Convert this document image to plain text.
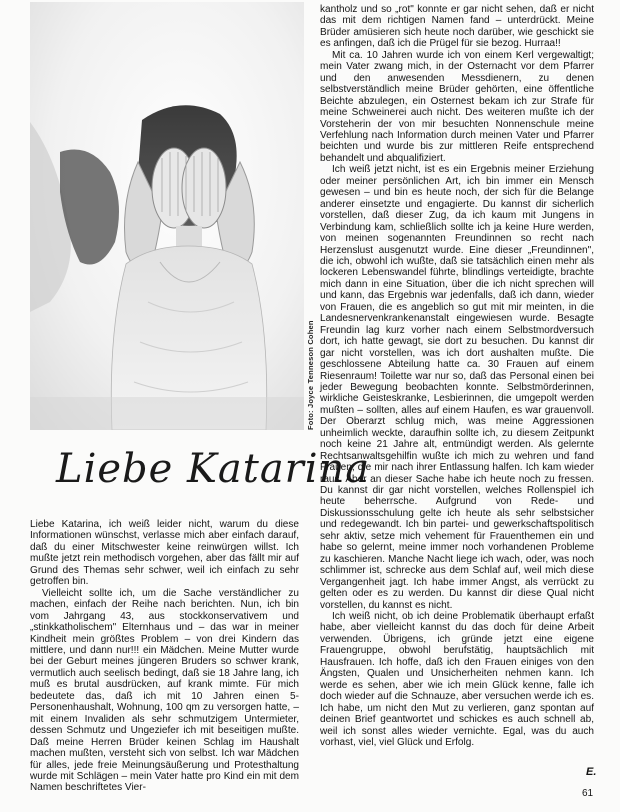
Foto: Joyce Tenneson Cohen
Liebe Katarina

Liebe Katarina, ich weiß leider nicht, warum du diese Informationen wünschst, verlasse mich aber einfach darauf, daß du einer Mitschwester keine reinwürgen willst. Ich mußte jetzt rein methodisch vorgehen, aber das fällt mir auf Grund des Themas sehr schwer, weil ich einfach zu sehr getroffen bin.

Vielleicht sollte ich, um die Sache verständlicher zu machen, einfach der Reihe nach berichten. Nun, ich bin vom Jahrgang 43, aus stockkonservativem und „stinkkatholischem" Elternhaus und – das war in meiner Kindheit mein größtes Problem – von drei Kindern das mittlere, und dann nur!!! ein Mädchen. Meine Mutter wurde bei der Geburt meines jüngeren Bruders so schwer krank, vermutlich auch seelisch bedingt, daß sie 18 Jahre lang, ich muß es brutal ausdrücken, auf krank mimte. Für mich bedeutete das, daß ich mit 10 Jahren einen 5-Personenhaushalt, Wohnung, 100 qm zu versorgen hatte, – mit einem Invaliden als sehr schmutzigem Untermieter, dessen Schmutz und Ungeziefer ich mit beseitigen mußte. Daß meine Herren Brüder keinen Schlag im Haushalt machen mußten, versteht sich von selbst. Ich war Mädchen für alles, jede freie Meinungsäußerung und Protesthaltung wurde mit Schlägen – mein Vater hatte pro Kind ein mit dem Namen beschriftetes Vier-

kantholz und so „rot" konnte er gar nicht sehen, daß er nicht das mit dem richtigen Namen fand – unterdrückt. Meine Brüder amüsieren sich heute noch darüber, wie geschickt sie es anfingen, daß ich die Prügel für sie bezog. Hurraa!!

Mit ca. 10 Jahren wurde ich von einem Kerl vergewaltigt; mein Vater zwang mich, in der Osternacht vor dem Pfarrer und den anwesenden Messdienern, zu denen selbstverständlich meine Brüder gehörten, eine öffentliche Beichte abzulegen, ein Osternest bekam ich zur Strafe für meine Schweinerei auch nicht. Des weiteren mußte ich der Vorsteherin der von mir besuchten Nonnenschule meine Verfehlung nach Information durch meinen Vater und Pfarrer beichten und wurde bis zur mittleren Reife entsprechend behandelt und abqualifiziert.

Ich weiß jetzt nicht, ist es ein Ergebnis meiner Erziehung oder meiner persönlichen Art, ich bin immer ein Mensch gewesen – und bin es heute noch, der sich für die Belange anderer einsetzte und engagierte. Du kannst dir sicherlich vorstellen, daß dieser Zug, da ich kaum mit Jungens in Verbindung kam, schließlich sollte ich ja keine Hure werden, von meinen sogenannten Freundinnen so recht nach Herzenslust ausgenutzt wurde. Eine dieser „Freundinnen", die ich, obwohl ich wußte, daß sie tatsächlich einen mehr als lockeren Lebenswandel führte, blindlings verteidigte, brachte mich dann in eine Situation, über die ich nicht sprechen will und kann, das Ergebnis war jedenfalls, daß ich dann, wieder von Frauen, die es angeblich so gut mit mir meinten, in die Landesnervenkrankenanstalt eingewiesen wurde. Besagte Freundin lag kurz vorher nach einem Selbstmordversuch dort, ich hatte gewagt, sie dort zu besuchen. Du kannst dir gar nicht vorstellen, was ich dort aushalten mußte. Die geschlossene Abteilung hatte ca. 30 Frauen auf einem Riesenraum! Toilette war nur so, daß das Personal einen bei jeder Bewegung beobachten konnte. Selbstmörderinnen, wirkliche Geisteskranke, Lesbierinnen, die umgepolt werden mußten – sollten, alles auf einem Haufen, es war grauenvoll. Der Oberarzt schlug mich, was meine Aggressionen unheimlich weckte, daraufhin sollte ich, zu diesem Zeitpunkt noch keine 21 Jahre alt, entmündigt werden. Als gelernte Rechtsanwaltsgehilfin wußte ich mich zu wehren und fand Frauen, die mir nach ihrer Entlassung halfen. Ich kam wieder raus. Aber an dieser Sache habe ich heute noch zu fressen. Du kannst dir gar nicht vorstellen, welches Rollenspiel ich heute beherrsche. Aufgrund von Rede- und Diskussionsschulung gelte ich heute als sehr selbstsicher und redegewandt. Ich bin partei- und gewerkschaftspolitisch sehr aktiv, setze mich vehement für Frauenthemen ein und habe so gelernt, meine immer noch vorhandenen Probleme zu kaschieren. Manche Nacht liege ich wach, oder, was noch schlimmer ist, schrecke aus dem Schlaf auf, weil mich diese Vergangenheit jagt. Ich habe immer Angst, als verrückt zu gelten oder es zu werden. Du kannst dir diese Qual nicht vorstellen, du kannst es nicht.

Ich weiß nicht, ob ich deine Problematik überhaupt erfaßt habe, aber vielleicht kannst du das doch für deine Arbeit verwenden. Übrigens, ich gründe jetzt eine eigene Frauengruppe, obwohl berufstätig, hauptsächlich mit Hausfrauen. Ich hoffe, daß ich den Frauen einiges von den Ängsten, Qualen und Unsicherheiten nehmen kann. Ich werde es sehen, aber wie ich mein Glück kenne, falle ich doch wieder auf die Schnauze, aber versuchen werde ich es. Ich habe, um nicht den Mut zu verlieren, ganz spontan auf deinen Brief geantwortet und schickes es auch schnell ab, weil ich sonst alles wieder vernichte. Egal, was du auch vorhast, viel, viel Glück und Erfolg.

E.
61
